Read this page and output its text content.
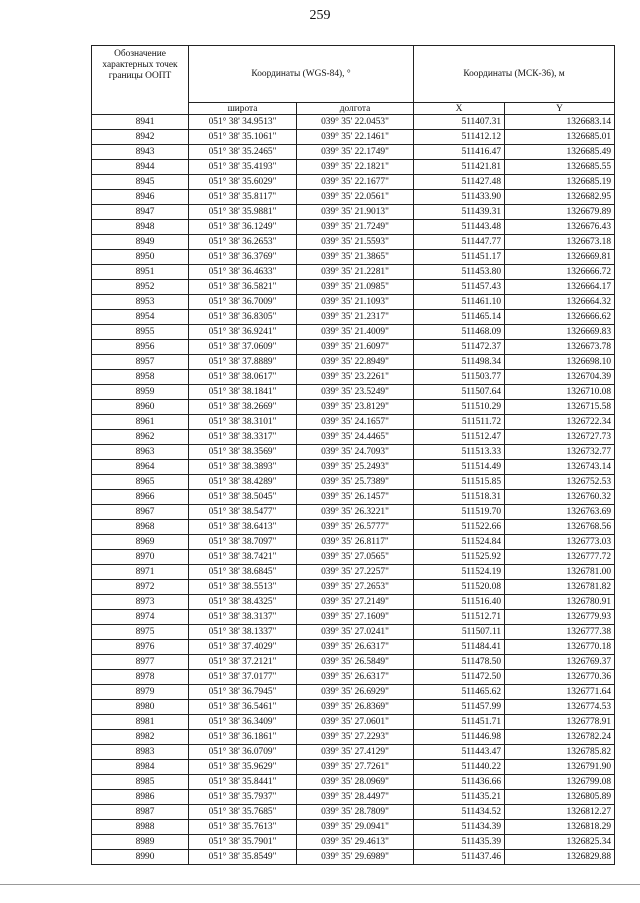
259
Обозначение характерных точек границы ООПТ	Координаты (WGS-84), °		Координаты (МСК-36), м	
	широта	долгота	X	Y
8941	051° 38' 34.9513"	039° 35' 22.0453"	511407.31	1326683.14
8942	051° 38' 35.1061"	039° 35' 22.1461"	511412.12	1326685.01
8943	051° 38' 35.2465"	039° 35' 22.1749"	511416.47	1326685.49
8944	051° 38' 35.4193"	039° 35' 22.1821"	511421.81	1326685.55
8945	051° 38' 35.6029"	039° 35' 22.1677"	511427.48	1326685.19
8946	051° 38' 35.8117"	039° 35' 22.0561"	511433.90	1326682.95
8947	051° 38' 35.9881"	039° 35' 21.9013"	511439.31	1326679.89
8948	051° 38' 36.1249"	039° 35' 21.7249"	511443.48	1326676.43
8949	051° 38' 36.2653"	039° 35' 21.5593"	511447.77	1326673.18
8950	051° 38' 36.3769"	039° 35' 21.3865"	511451.17	1326669.81
8951	051° 38' 36.4633"	039° 35' 21.2281"	511453.80	1326666.72
8952	051° 38' 36.5821"	039° 35' 21.0985"	511457.43	1326664.17
8953	051° 38' 36.7009"	039° 35' 21.1093"	511461.10	1326664.32
8954	051° 38' 36.8305"	039° 35' 21.2317"	511465.14	1326666.62
8955	051° 38' 36.9241"	039° 35' 21.4009"	511468.09	1326669.83
8956	051° 38' 37.0609"	039° 35' 21.6097"	511472.37	1326673.78
8957	051° 38' 37.8889"	039° 35' 22.8949"	511498.34	1326698.10
8958	051° 38' 38.0617"	039° 35' 23.2261"	511503.77	1326704.39
8959	051° 38' 38.1841"	039° 35' 23.5249"	511507.64	1326710.08
8960	051° 38' 38.2669"	039° 35' 23.8129"	511510.29	1326715.58
8961	051° 38' 38.3101"	039° 35' 24.1657"	511511.72	1326722.34
8962	051° 38' 38.3317"	039° 35' 24.4465"	511512.47	1326727.73
8963	051° 38' 38.3569"	039° 35' 24.7093"	511513.33	1326732.77
8964	051° 38' 38.3893"	039° 35' 25.2493"	511514.49	1326743.14
8965	051° 38' 38.4289"	039° 35' 25.7389"	511515.85	1326752.53
8966	051° 38' 38.5045"	039° 35' 26.1457"	511518.31	1326760.32
8967	051° 38' 38.5477"	039° 35' 26.3221"	511519.70	1326763.69
8968	051° 38' 38.6413"	039° 35' 26.5777"	511522.66	1326768.56
8969	051° 38' 38.7097"	039° 35' 26.8117"	511524.84	1326773.03
8970	051° 38' 38.7421"	039° 35' 27.0565"	511525.92	1326777.72
8971	051° 38' 38.6845"	039° 35' 27.2257"	511524.19	1326781.00
8972	051° 38' 38.5513"	039° 35' 27.2653"	511520.08	1326781.82
8973	051° 38' 38.4325"	039° 35' 27.2149"	511516.40	1326780.91
8974	051° 38' 38.3137"	039° 35' 27.1609"	511512.71	1326779.93
8975	051° 38' 38.1337"	039° 35' 27.0241"	511507.11	1326777.38
8976	051° 38' 37.4029"	039° 35' 26.6317"	511484.41	1326770.18
8977	051° 38' 37.2121"	039° 35' 26.5849"	511478.50	1326769.37
8978	051° 38' 37.0177"	039° 35' 26.6317"	511472.50	1326770.36
8979	051° 38' 36.7945"	039° 35' 26.6929"	511465.62	1326771.64
8980	051° 38' 36.5461"	039° 35' 26.8369"	511457.99	1326774.53
8981	051° 38' 36.3409"	039° 35' 27.0601"	511451.71	1326778.91
8982	051° 38' 36.1861"	039° 35' 27.2293"	511446.98	1326782.24
8983	051° 38' 36.0709"	039° 35' 27.4129"	511443.47	1326785.82
8984	051° 38' 35.9629"	039° 35' 27.7261"	511440.22	1326791.90
8985	051° 38' 35.8441"	039° 35' 28.0969"	511436.66	1326799.08
8986	051° 38' 35.7937"	039° 35' 28.4497"	511435.21	1326805.89
8987	051° 38' 35.7685"	039° 35' 28.7809"	511434.52	1326812.27
8988	051° 38' 35.7613"	039° 35' 29.0941"	511434.39	1326818.29
8989	051° 38' 35.7901"	039° 35' 29.4613"	511435.39	1326825.34
8990	051° 38' 35.8549"	039° 35' 29.6989"	511437.46	1326829.88
